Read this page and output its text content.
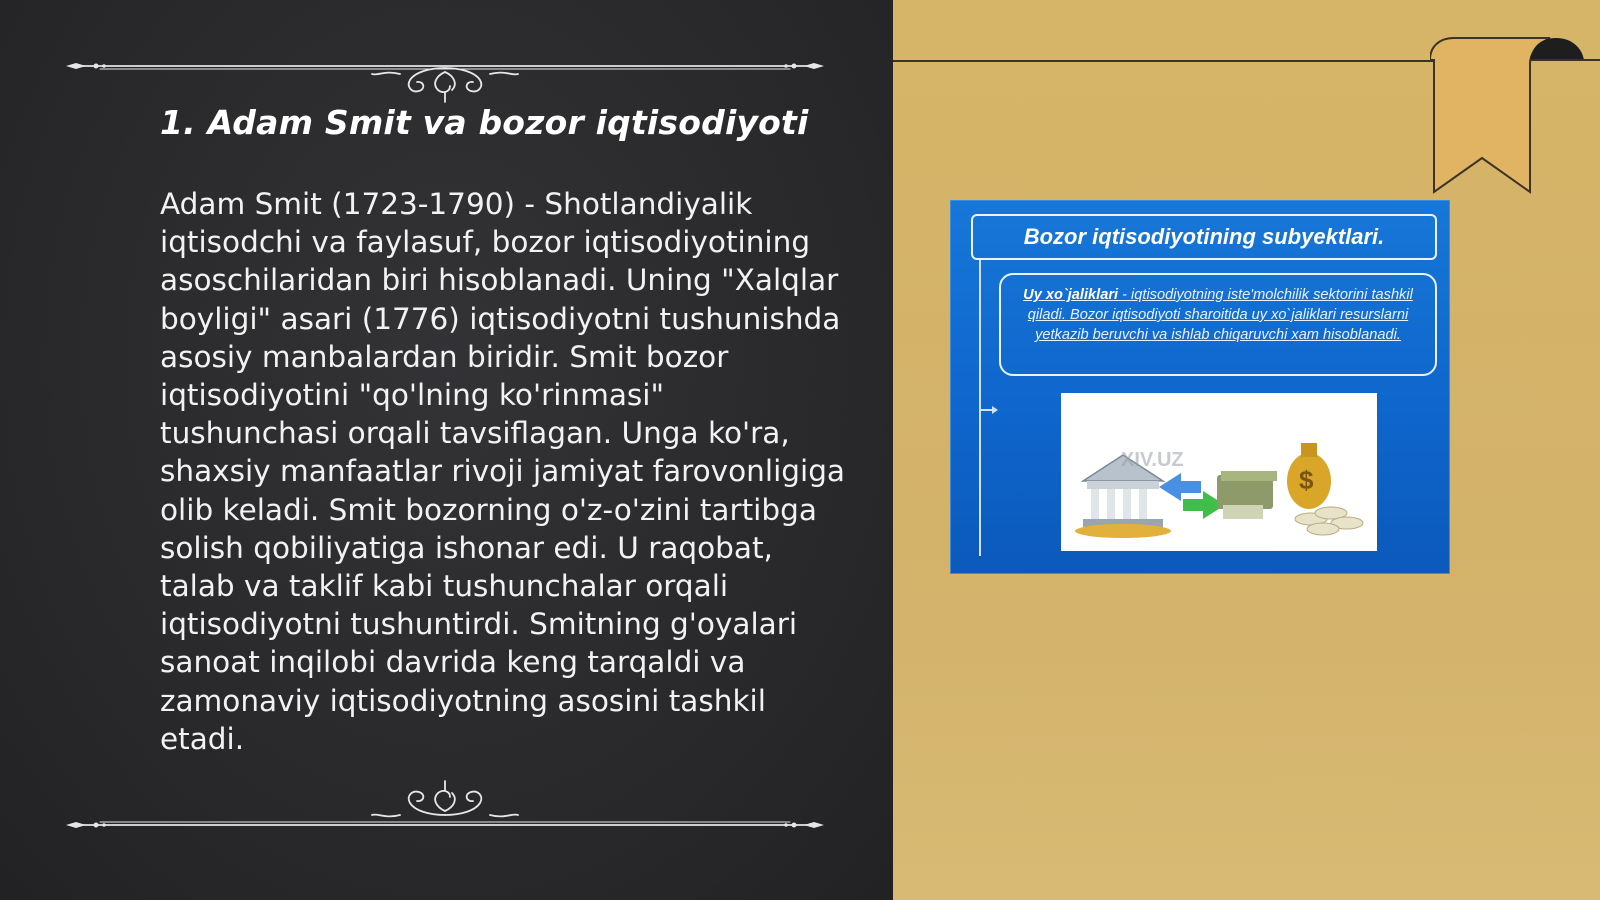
1. Adam Smit va bozor iqtisodiyoti

Adam Smit (1723-1790) - Shotlandiyalik iqtisodchi va faylasuf, bozor iqtisodiyotining asoschilaridan biri hisoblanadi. Uning "Xalqlar boyligi" asari (1776) iqtisodiyotni tushunishda asosiy manbalardan biridir. Smit bozor iqtisodiyotini "qo'lning ko'rinmasi" tushunchasi orqali tavsiflagan. Unga ko'ra, shaxsiy manfaatlar rivoji jamiyat farovonligiga olib keladi. Smit bozorning o'z-o'zini tartibga solish qobiliyatiga ishonar edi. U raqobat, talab va taklif kabi tushunchalar orqali iqtisodiyotni tushuntirdi. Smitning g'oyalari sanoat inqilobi davrida keng tarqaldi va zamonaviy iqtisodiyotning asosini tashkil etadi.

Bozor iqtisodiyotining subyektlari.
Uy xo`jaliklari - iqtisodiyotning iste'molchilik sektorini tashkil qiladi. Bozor iqtisodiyoti sharoitida uy xo`jaliklari resurslarni yetkazib beruvchi va ishlab chiqaruvchi xam hisoblanadi.
$
XIV.UZ
